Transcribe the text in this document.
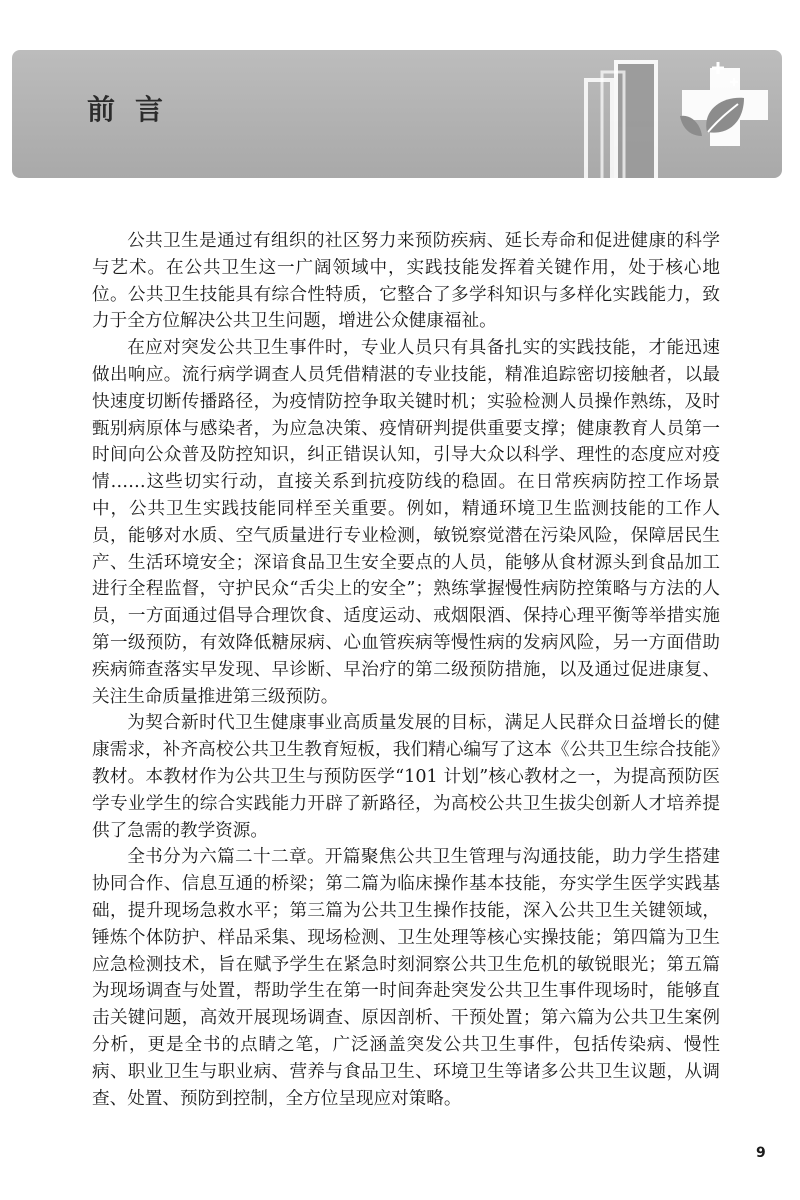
前言

公共卫生是通过有组织的社区努力来预防疾病、延长寿命和促进健康的科学与艺术。在公共卫生这一广阔领域中，实践技能发挥着关键作用，处于核心地位。公共卫生技能具有综合性特质，它整合了多学科知识与多样化实践能力，致力于全方位解决公共卫生问题，增进公众健康福祉。

在应对突发公共卫生事件时，专业人员只有具备扎实的实践技能，才能迅速做出响应。流行病学调查人员凭借精湛的专业技能，精准追踪密切接触者，以最快速度切断传播路径，为疫情防控争取关键时机；实验检测人员操作熟练，及时甄别病原体与感染者，为应急决策、疫情研判提供重要支撑；健康教育人员第一时间向公众普及防控知识，纠正错误认知，引导大众以科学、理性的态度应对疫情……这些切实行动，直接关系到抗疫防线的稳固。在日常疾病防控工作场景中，公共卫生实践技能同样至关重要。例如，精通环境卫生监测技能的工作人员，能够对水质、空气质量进行专业检测，敏锐察觉潜在污染风险，保障居民生产、生活环境安全；深谙食品卫生安全要点的人员，能够从食材源头到食品加工进行全程监督，守护民众“舌尖上的安全”；熟练掌握慢性病防控策略与方法的人员，一方面通过倡导合理饮食、适度运动、戒烟限酒、保持心理平衡等举措实施第一级预防，有效降低糖尿病、心血管疾病等慢性病的发病风险，另一方面借助疾病筛查落实早发现、早诊断、早治疗的第二级预防措施，以及通过促进康复、关注生命质量推进第三级预防。

为契合新时代卫生健康事业高质量发展的目标，满足人民群众日益增长的健康需求，补齐高校公共卫生教育短板，我们精心编写了这本《公共卫生综合技能》教材。本教材作为公共卫生与预防医学“101 计划”核心教材之一，为提高预防医学专业学生的综合实践能力开辟了新路径，为高校公共卫生拔尖创新人才培养提供了急需的教学资源。

全书分为六篇二十二章。开篇聚焦公共卫生管理与沟通技能，助力学生搭建协同合作、信息互通的桥梁；第二篇为临床操作基本技能，夯实学生医学实践基础，提升现场急救水平；第三篇为公共卫生操作技能，深入公共卫生关键领域，锤炼个体防护、样品采集、现场检测、卫生处理等核心实操技能；第四篇为卫生应急检测技术，旨在赋予学生在紧急时刻洞察公共卫生危机的敏锐眼光；第五篇为现场调查与处置，帮助学生在第一时间奔赴突发公共卫生事件现场时，能够直击关键问题，高效开展现场调查、原因剖析、干预处置；第六篇为公共卫生案例分析，更是全书的点睛之笔，广泛涵盖突发公共卫生事件，包括传染病、慢性病、职业卫生与职业病、营养与食品卫生、环境卫生等诸多公共卫生议题，从调查、处置、预防到控制，全方位呈现应对策略。

9
